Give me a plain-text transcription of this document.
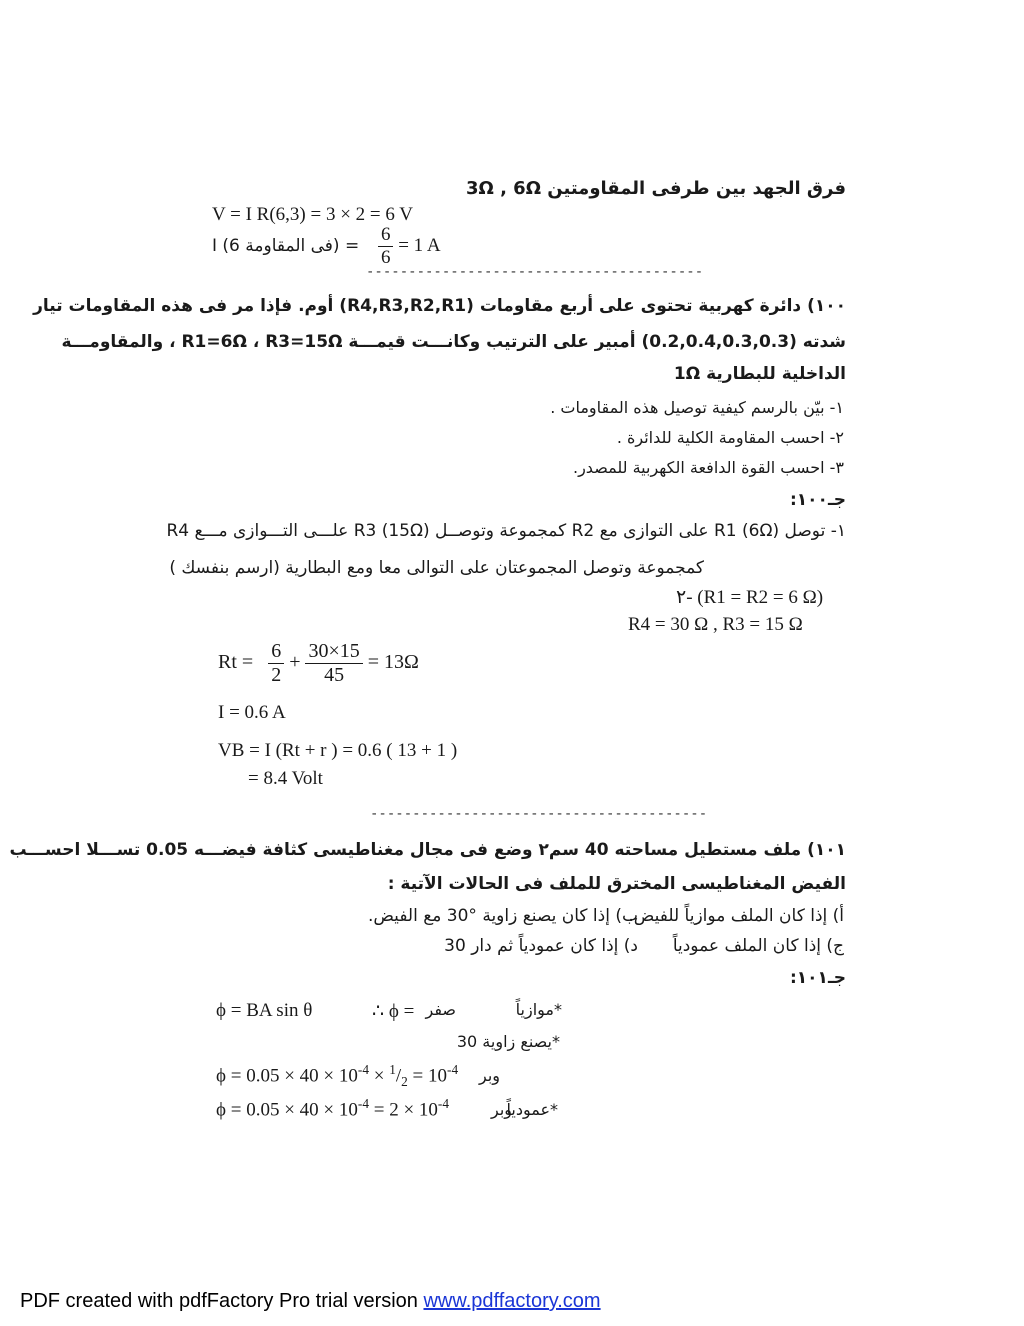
فرق الجهد بين طرفى المقاومتين 3Ω , 6Ω
V = I R(6,3) = 3 × 2 = 6 V
I (6 فى المقاومة) = $\frac{6}{6} = 1$ A
----------------------------------------
١٠٠) دائرة كهربية تحتوى على أربع مقاومات (R4,R3,R2,R1) أوم. فإذا مر فى هذه المقاومات تيار
شدته (0.2,0.4,0.3,0.3) أمبير على الترتيب وكانـــت قيمـــة R1=6Ω ، R3=15Ω ، والمقاومـــة
الداخلية للبطارية 1Ω
١- بيّن بالرسم كيفية توصيل هذه المقاومات .
٢- احسب المقاومة الكلية للدائرة .
٣- احسب القوة الدافعة الكهربية للمصدر.
جـ١٠٠:
١- توصل R1 (6Ω) على التوازى مع R2 كمجموعة وتوصــل R3 (15Ω) علـــى التـــوازى مـــع R4
كمجموعة وتوصل المجموعتان على التوالى معا ومع البطارية (ارسم بنفسك )
٢- (R1 = R2 = 6 Ω)
R4 = 30 Ω , R3 = 15 Ω
$Rt = \frac{6}{2} + \frac{30\times 15}{45} = 13\Omega$
I = 0.6 A
VB = I (Rt + r ) = 0.6 ( 13 + 1 )
= 8.4 Volt
----------------------------------------
١٠١) ملف مستطيل مساحته 40 سم٢ وضع فى مجال مغناطيسى كثافة فيضـــه 0.05 تســـلا احســـب
الفيض المغناطيسى المخترق للملف فى الحالات الآتية :
أ) إذا كان الملف موازياً للفيض.
ب) إذا كان يصنع زاوية °30 مع الفيض.
ج) إذا كان الملف عمودياً
د) إذا كان عمودياً ثم دار 30
جـ١٠١:
ϕ = BA sin θ	∴ ϕ = صفر	*موازياً
*يصنع زاوية 30
$\phi = 0.05 \times 40 \times 10^{-4} \times ^1/_2 = 10^{-4}$ وبر
$\phi = 0.05 \times 40 \times 10^{-4} = 2 \times 10^{-4}$	وبر
*عمودياً
PDF created with pdfFactory Pro trial version www.pdffactory.com
